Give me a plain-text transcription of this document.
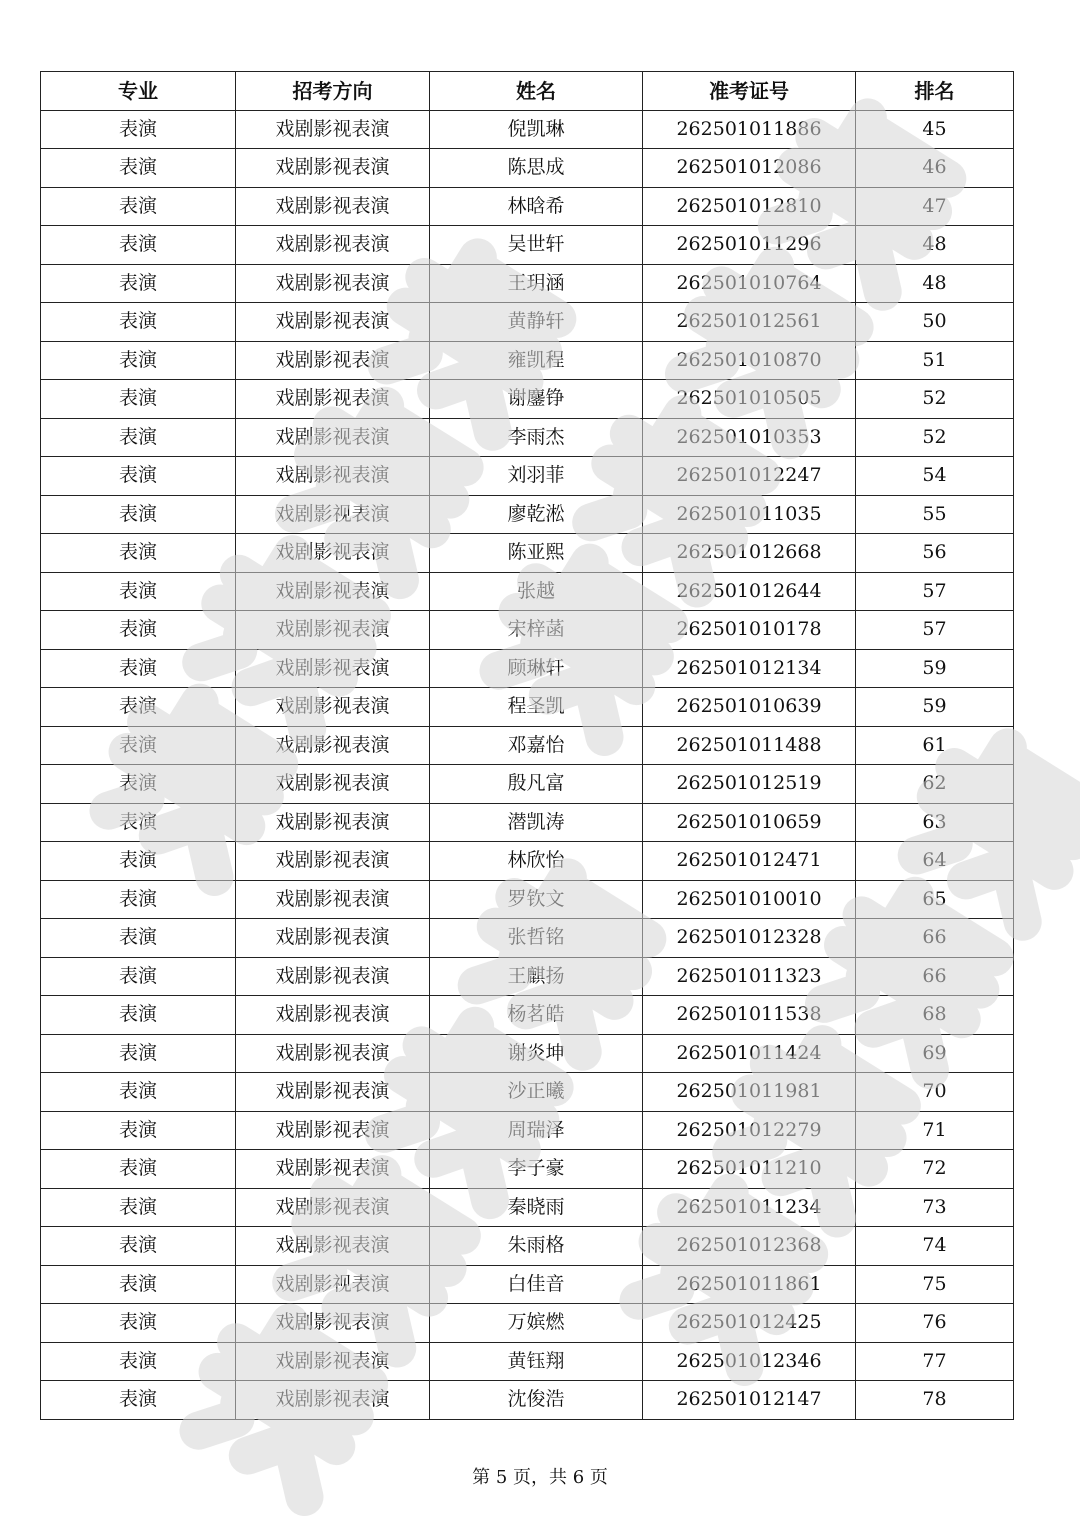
专业	招考方向	姓名	准考证号	排名
表演	戏剧影视表演	倪凯琳	262501011886	45
表演	戏剧影视表演	陈思成	262501012086	46
表演	戏剧影视表演	林晗希	262501012810	47
表演	戏剧影视表演	吴世轩	262501011296	48
表演	戏剧影视表演	王玥涵	262501010764	48
表演	戏剧影视表演	黄静轩	262501012561	50
表演	戏剧影视表演	雍凯程	262501010870	51
表演	戏剧影视表演	谢鏖铮	262501010505	52
表演	戏剧影视表演	李雨杰	262501010353	52
表演	戏剧影视表演	刘羽菲	262501012247	54
表演	戏剧影视表演	廖乾淞	262501011035	55
表演	戏剧影视表演	陈亚熙	262501012668	56
表演	戏剧影视表演	张越	262501012644	57
表演	戏剧影视表演	宋梓菡	262501010178	57
表演	戏剧影视表演	顾琳轩	262501012134	59
表演	戏剧影视表演	程圣凯	262501010639	59
表演	戏剧影视表演	邓嘉怡	262501011488	61
表演	戏剧影视表演	殷凡富	262501012519	62
表演	戏剧影视表演	潜凯涛	262501010659	63
表演	戏剧影视表演	林欣怡	262501012471	64
表演	戏剧影视表演	罗钦文	262501010010	65
表演	戏剧影视表演	张哲铭	262501012328	66
表演	戏剧影视表演	王麒扬	262501011323	66
表演	戏剧影视表演	杨茗皓	262501011538	68
表演	戏剧影视表演	谢炎坤	262501011424	69
表演	戏剧影视表演	沙正曦	262501011981	70
表演	戏剧影视表演	周瑞泽	262501012279	71
表演	戏剧影视表演	李子豪	262501011210	72
表演	戏剧影视表演	秦晓雨	262501011234	73
表演	戏剧影视表演	朱雨格	262501012368	74
表演	戏剧影视表演	白佳音	262501011861	75
表演	戏剧影视表演	万嫔燃	262501012425	76
表演	戏剧影视表演	黄钰翔	262501012346	77
表演	戏剧影视表演	沈俊浩	262501012147	78
第 5 页，共 6 页
